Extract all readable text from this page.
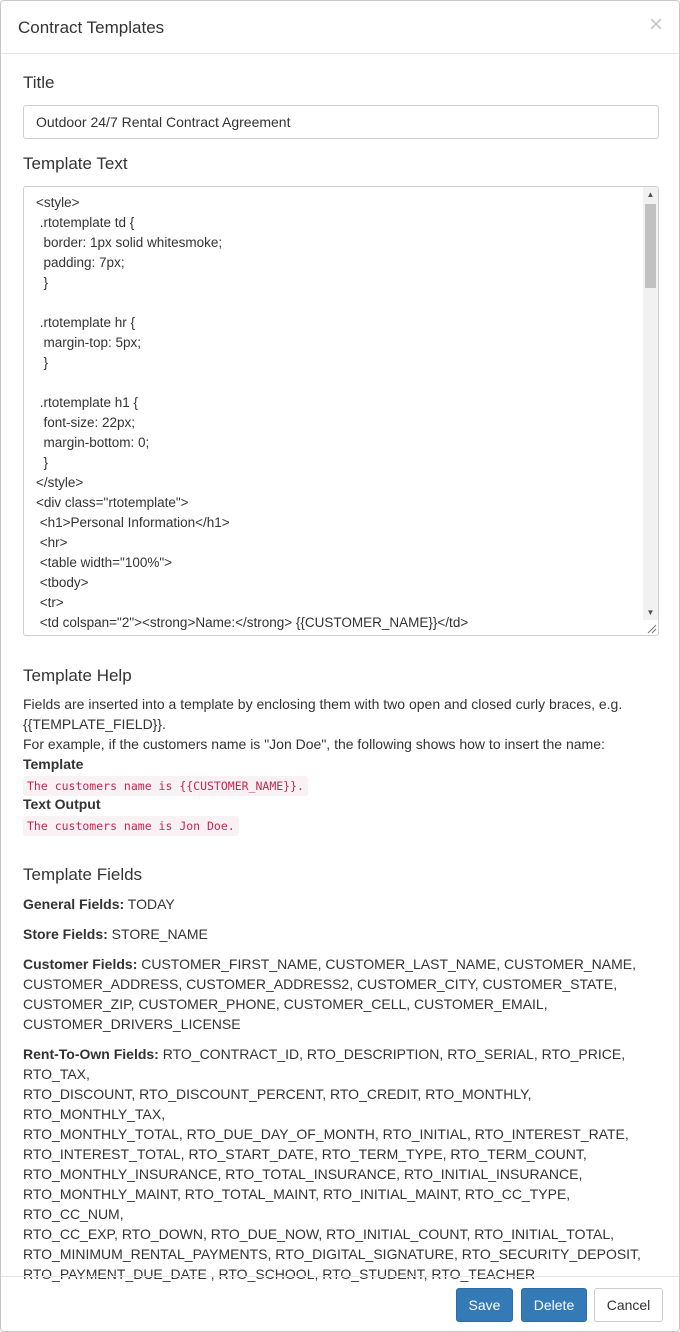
Contract Templates	×
Title
Outdoor 24/7 Rental Contract Agreement
Template Text
<style>
.rtotemplate td {
border: 1px solid whitesmoke;
padding: 7px;
}
.rtotemplate hr {
margin-top: 5px;
}
.rtotemplate h1 {
font-size: 22px;
margin-bottom: 0;
}
</style>
<div class="rtotemplate">
<h1>Personal Information</h1>
<hr>
<table width="100%">
<tbody>
<tr>
<td colspan="2"><strong>Name:</strong> {{CUSTOMER_NAME}}</td>
▲
▼
Template Help
Fields are inserted into a template by enclosing them with two open and closed curly braces, e.g.
{{TEMPLATE_FIELD}}.
For example, if the customers name is "Jon Doe", the following shows how to insert the name:
Template
The customers name is {{CUSTOMER_NAME}}.
Text Output
The customers name is Jon Doe.
Template Fields
General Fields: TODAY
Store Fields: STORE_NAME
Customer Fields: CUSTOMER_FIRST_NAME, CUSTOMER_LAST_NAME, CUSTOMER_NAME,
CUSTOMER_ADDRESS, CUSTOMER_ADDRESS2, CUSTOMER_CITY, CUSTOMER_STATE,
CUSTOMER_ZIP, CUSTOMER_PHONE, CUSTOMER_CELL, CUSTOMER_EMAIL,
CUSTOMER_DRIVERS_LICENSE
Rent-To-Own Fields: RTO_CONTRACT_ID, RTO_DESCRIPTION, RTO_SERIAL, RTO_PRICE, RTO_TAX,
RTO_DISCOUNT, RTO_DISCOUNT_PERCENT, RTO_CREDIT, RTO_MONTHLY, RTO_MONTHLY_TAX,
RTO_MONTHLY_TOTAL, RTO_DUE_DAY_OF_MONTH, RTO_INITIAL, RTO_INTEREST_RATE,
RTO_INTEREST_TOTAL, RTO_START_DATE, RTO_TERM_TYPE, RTO_TERM_COUNT,
RTO_MONTHLY_INSURANCE, RTO_TOTAL_INSURANCE, RTO_INITIAL_INSURANCE,
RTO_MONTHLY_MAINT, RTO_TOTAL_MAINT, RTO_INITIAL_MAINT, RTO_CC_TYPE, RTO_CC_NUM,
RTO_CC_EXP, RTO_DOWN, RTO_DUE_NOW, RTO_INITIAL_COUNT, RTO_INITIAL_TOTAL,
RTO_MINIMUM_RENTAL_PAYMENTS, RTO_DIGITAL_SIGNATURE, RTO_SECURITY_DEPOSIT,
RTO_PAYMENT_DUE_DATE , RTO_SCHOOL, RTO_STUDENT, RTO_TEACHER
Save	Delete	Cancel
